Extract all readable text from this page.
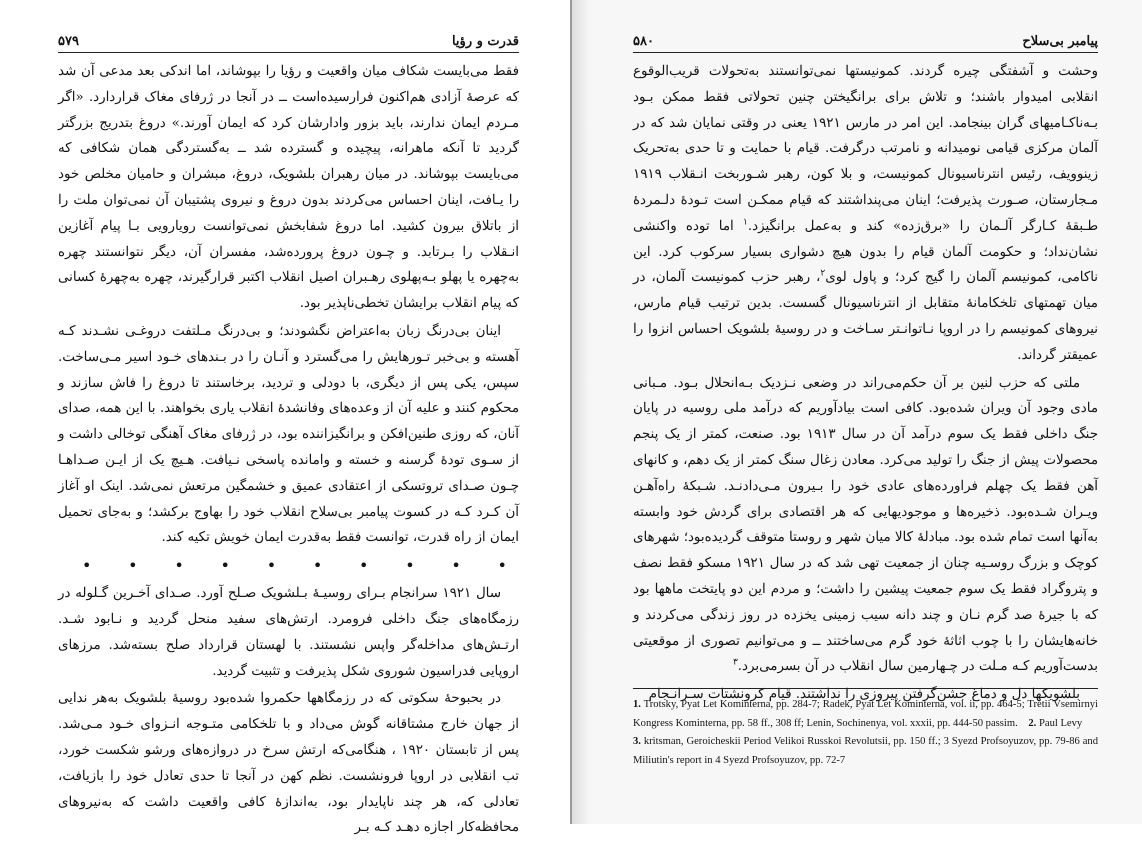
۵۷۹	قدرت و رؤیا

فقط می‌بایست شکاف میان واقعیت و رؤیا را بپوشاند، اما اندکی بعد مدعی آن شد که عرصهٔ آزادی هم‌اکنون فرارسیده‌است ــ در آنجا در ژرفای مغاک قراردارد. «اگر مـردم ایمان ندارند، باید بزور وادارشان کرد که ایمان آورند.» دروغ بتدریج بزرگتر گردید تا آنکه ماهرانه، پیچیده و گسترده شد ــ به‌گستردگی همان شکافی که می‌بایست بپوشاند. در میان رهبران بلشویک، دروغ، مبشران و حامیان مخلص خود را یـافت، اینان احساس می‌کردند بدون دروغ و نیروی پشتیبان آن نمی‌توان ملت را از باتلاق بیرون کشید. اما دروغ شفابخش نمی‌توانست رویارویی بـا پیام آغازین انـقلاب را بـرتابد. و چـون دروغ پرورده‌شد، مفسران آن، دیگر نتوانستند چهره به‌چهره یا پهلو بـه‌پهلوی رهـبران اصیل انقلاب اکتبر قرارگیرند، چهره به‌چهرهٔ کسانی که پیام انقلاب برایشان تخطی‌ناپذیر بود.

اینان بی‌درنگ زبان به‌اعتراض نگشودند؛ و بی‌درنگ مـلتفت دروغـی نشـدند کـه آهسته و بی‌خبر تـورهایش را می‌گسترد و آنـان را در بـندهای خـود اسیر مـی‌ساخت. سپس، یکی پس از دیگری، با دودلی و تردید، برخاستند تا دروغ را فاش سازند و محکوم کنند و علیه آن از وعده‌های وفانشدهٔ انقلاب یاری بخواهند. با این همه، صدای آنان، که روزی طنین‌افکن و برانگیزاننده بود، در ژرفای مغاک آهنگی توخالی داشت و از سـوی تودهٔ گرسنه و خسته و وامانده پاسخی نـیافت. هـیچ یک از ایـن صـداهـا چـون صـدای تروتسکی از اعتقادی عمیق و خشمگین مرتعش نمی‌شد. اینک او آغاز آن کـرد کـه در کسوت پیامبر بی‌سلاح انقلاب خود را بهاوج برکشد؛ و به‌جای تحمیل ایمان از راه قدرت، توانست فقط به‌قدرت ایمان خویش تکیه کند.

• • • • • • • • • •

سال ۱۹۲۱ سرانجام بـرای روسیـهٔ بـلشویک صـلح آورد. صـدای آخـرین گـلوله در رزمگاه‌های جنگ داخلی فرومرد. ارتش‌های سفید منحل گردید و نـابود شـد. ارتـش‌های مداخله‌گر واپس نشستند. با لهستان قرارداد صلح بسته‌شد. مرزهای اروپایی فدراسیون شوروی شکل پذیرفت و تثبیت گردید.

در بحبوحهٔ سکوتی که در رزمگاهها حکمروا شده‌بود روسیهٔ بلشویک به‌هر ندایی از جهان خارج مشتاقانه گوش می‌داد و با تلخکامی متـوجه انـزوای خـود مـی‌شد. پس از تابستان ۱۹۲۰ ، هنگامی‌که ارتش سرخ در دروازه‌های ورشو شکست خورد، تب انقلابی در اروپا فرونشست. نظم کهن در آنجا تا حدی تعادل خود را بازیافت، تعادلی که، هر چند ناپایدار بود، به‌اندازهٔ کافی واقعیت داشت که به‌نیروهای محافظه‌کار اجازه دهـد کـه بـر

۵۸۰	پیامبر بی‌سلاح

وحشت و آشفتگی چیره گردند. کمونیستها نمی‌توانستند به‌تحولات قریب‌الوقوع انقلابی امیدوار باشند؛ و تلاش برای برانگیختن چنین تحولاتی فقط ممکن بـود بـه‌ناکـامیهای گران بینجامد. این امر در مارس ۱۹۲۱ یعنی در وقتی نمایان شد که در آلمان مرکزی قیامی نومیدانه و نامرتب درگرفت. قیام با حمایت و تا حدی به‌تحریک زینوویف، رئیس انترناسیونال کمونیست، و بلا کون، رهبر شـوربخت انـقلاب ۱۹۱۹ مـجارستان، صـورت پذیرفت؛ اینان می‌پنداشتند که قیام ممکـن است تـودهٔ دلـمردهٔ طـبقهٔ کـارگر آلـمان را «برق‌زده» کند و به‌عمل برانگیزد.$^۱$ اما توده واکنشی نشان‌نداد؛ و حکومت آلمان قیام را بدون هیچ دشواری بسیار سرکوب کرد. این ناکامی، کمونیسم آلمان را گیج کرد؛ و پاول لوی$^۲$، رهبر حزب کمونیست آلمان، در میان تهمتهای تلخکامانهٔ متقابل از انترناسیونال گسست. بدین ترتیب قیام مارس، نیروهای کمونیسم را در اروپا نـاتوانـتر سـاخت و در روسیهٔ بلشویک احساس انزوا را عمیقتر گرداند.

ملتی که حزب لنین بر آن حکم‌می‌راند در وضعی نـزدیک بـه‌انحلال بـود. مـبانی مادی وجود آن ویران شده‌بود. کافی است بیادآوریم که درآمد ملی روسیه در پایان جنگ داخلی فقط یک سوم درآمد آن در سال ۱۹۱۳ بود. صنعت، کمتر از یک پنجم محصولات پیش از جنگ را تولید می‌کرد. معادن زغال سنگ کمتر از یک دهم، و کانهای آهن فقط یک چهلم فراورده‌های عادی خود را بـیرون مـی‌دادنـد. شـبکهٔ راه‌آهـن ویـران شـده‌بود. ذخیره‌ها و موجودیهایی که هر اقتصادی برای گردش خود وابسته به‌آنها است تمام شده بود. مبادلهٔ کالا میان شهر و روستا متوقف گردیده‌بود؛ شهرهای کوچک و بزرگ روسـیه چنان از جمعیت تهی شد که در سال ۱۹۲۱ مسکو فقط نصف و پتروگراد فقط یک سوم جمعیت پیشین را داشت؛ و مردم این دو پایتخت ماهها بود که با جیرهٔ صد گرم نـان و چند دانه سیب زمینی یخزده در روز زندگی می‌کردند و خانه‌هایشان را با چوب اثاثهٔ خود گرم می‌ساختند ــ و می‌توانیم تصوری از موقعیتی بدست‌آوریم کـه مـلت در چـهارمین سال انقلاب در آن بسرمی‌برد.$^۳$

بلشویکها دل و دماغ جشن‌گرفتن پیروزی را نداشتند. قیام کرونشتات سـرانـجام

1. Trotsky, Pyat Let Kominterna, pp. 284-7; Radek, Pyat Let Kominterna, vol. ii, pp. 464-5; Tretii Vsemirnyi Kongress Kominterna, pp. 58 ff., 308 ff; Lenin, Sochinenya, vol. xxxii, pp. 444-50 passim. 2. Paul Levy

3. kritsman, Geroicheskii Period Velikoi Russkoi Revolutsii, pp. 150 ff.; 3 Syezd Profsoyuzov, pp. 79-86 and Miliutin's report in 4 Syezd Profsoyuzov, pp. 72-7
